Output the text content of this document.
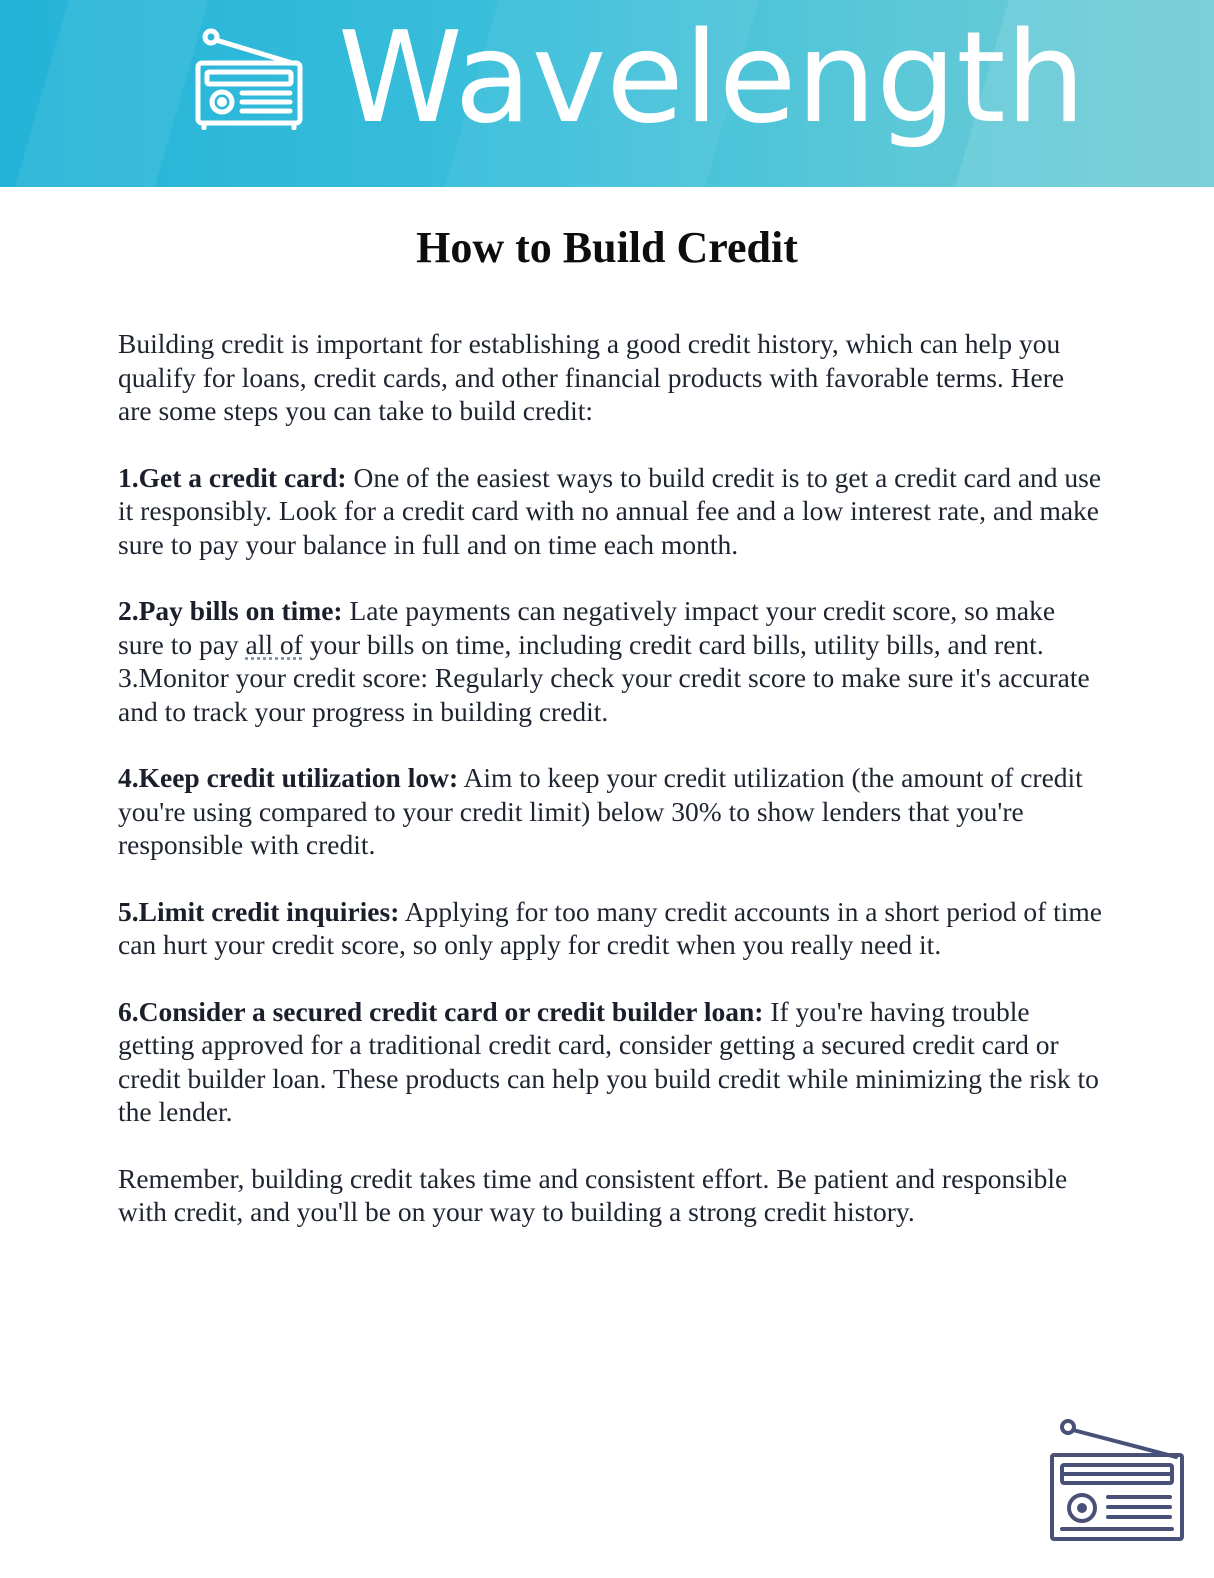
Wavelength
How to Build Credit

Building credit is important for establishing a good credit history, which can help you qualify for loans, credit cards, and other financial products with favorable terms. Here are some steps you can take to build credit:

1.Get a credit card: One of the easiest ways to build credit is to get a credit card and use it responsibly. Look for a credit card with no annual fee and a low interest rate, and make sure to pay your balance in full and on time each month.

2.Pay bills on time: Late payments can negatively impact your credit score, so make sure to pay all of your bills on time, including credit card bills, utility bills, and rent.

3.Monitor your credit score: Regularly check your credit score to make sure it's accurate and to track your progress in building credit.

4.Keep credit utilization low: Aim to keep your credit utilization (the amount of credit you're using compared to your credit limit) below 30% to show lenders that you're responsible with credit.

5.Limit credit inquiries: Applying for too many credit accounts in a short period of time can hurt your credit score, so only apply for credit when you really need it.

6.Consider a secured credit card or credit builder loan: If you're having trouble getting approved for a traditional credit card, consider getting a secured credit card or credit builder loan. These products can help you build credit while minimizing the risk to the lender.

Remember, building credit takes time and consistent effort. Be patient and responsible with credit, and you'll be on your way to building a strong credit history.
